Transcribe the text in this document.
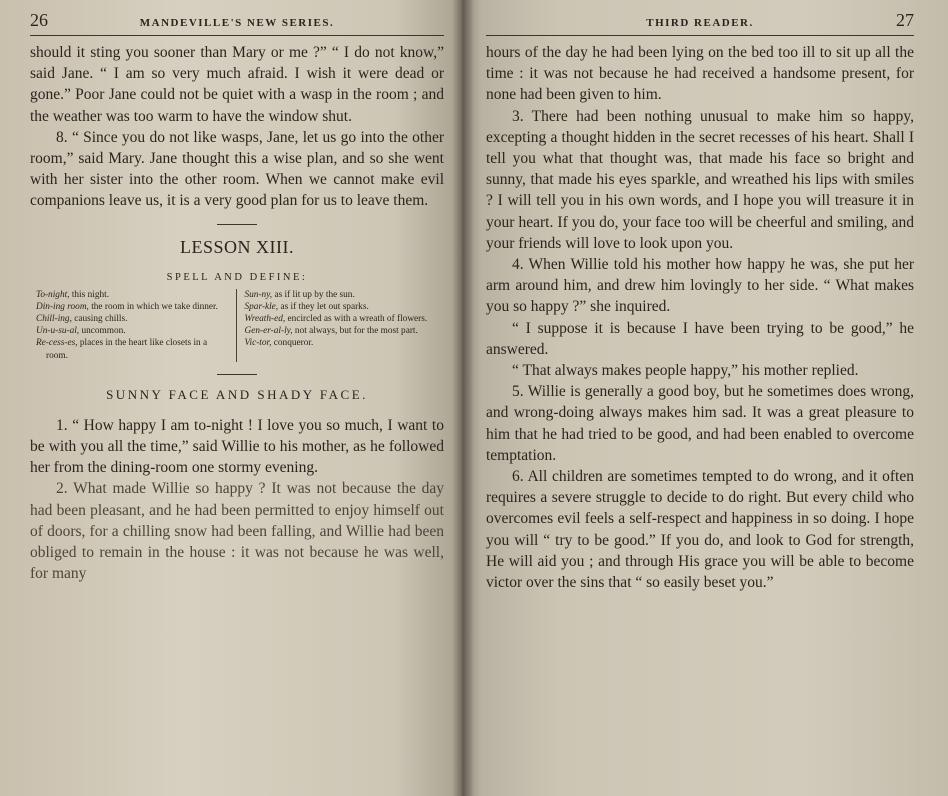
26	MANDEVILLE'S NEW SERIES.

should it sting you sooner than Mary or me ?” “ I do not know,” said Jane. “ I am so very much afraid. I wish it were dead or gone.” Poor Jane could not be quiet with a wasp in the room ; and the weather was too warm to have the window shut.

8. “ Since you do not like wasps, Jane, let us go into the other room,” said Mary. Jane thought this a wise plan, and so she went with her sister into the other room. When we cannot make evil companions leave us, it is a very good plan for us to leave them.

LESSON XIII.
SPELL AND DEFINE:

To-night, this night.

Din-ing room, the room in which we take dinner.

Chill-ing, causing chills.

Un-u-su-al, uncommon.

Re-cess-es, places in the heart like closets in a room.

Sun-ny, as if lit up by the sun.

Spar-kle, as if they let out sparks.

Wreath-ed, encircled as with a wreath of flowers.

Gen-er-al-ly, not always, but for the most part.

Vic-tor, conqueror.

SUNNY FACE AND SHADY FACE.

1. “ How happy I am to-night ! I love you so much, I want to be with you all the time,” said Willie to his mother, as he followed her from the dining-room one stormy evening.

2. What made Willie so happy ? It was not because the day had been pleasant, and he had been permitted to enjoy himself out of doors, for a chilling snow had been falling, and Willie had been obliged to remain in the house : it was not because he was well, for many

THIRD READER.	27

hours of the day he had been lying on the bed too ill to sit up all the time : it was not because he had received a handsome present, for none had been given to him.

3. There had been nothing unusual to make him so happy, excepting a thought hidden in the secret recesses of his heart. Shall I tell you what that thought was, that made his face so bright and sunny, that made his eyes sparkle, and wreathed his lips with smiles ? I will tell you in his own words, and I hope you will treasure it in your heart. If you do, your face too will be cheerful and smiling, and your friends will love to look upon you.

4. When Willie told his mother how happy he was, she put her arm around him, and drew him lovingly to her side. “ What makes you so happy ?” she inquired.

“ I suppose it is because I have been trying to be good,” he answered.

“ That always makes people happy,” his mother replied.

5. Willie is generally a good boy, but he sometimes does wrong, and wrong-doing always makes him sad. It was a great pleasure to him that he had tried to be good, and had been enabled to overcome temptation.

6. All children are sometimes tempted to do wrong, and it often requires a severe struggle to decide to do right. But every child who overcomes evil feels a self-respect and happiness in so doing. I hope you will “ try to be good.” If you do, and look to God for strength, He will aid you ; and through His grace you will be able to become victor over the sins that “ so easily beset you.”
